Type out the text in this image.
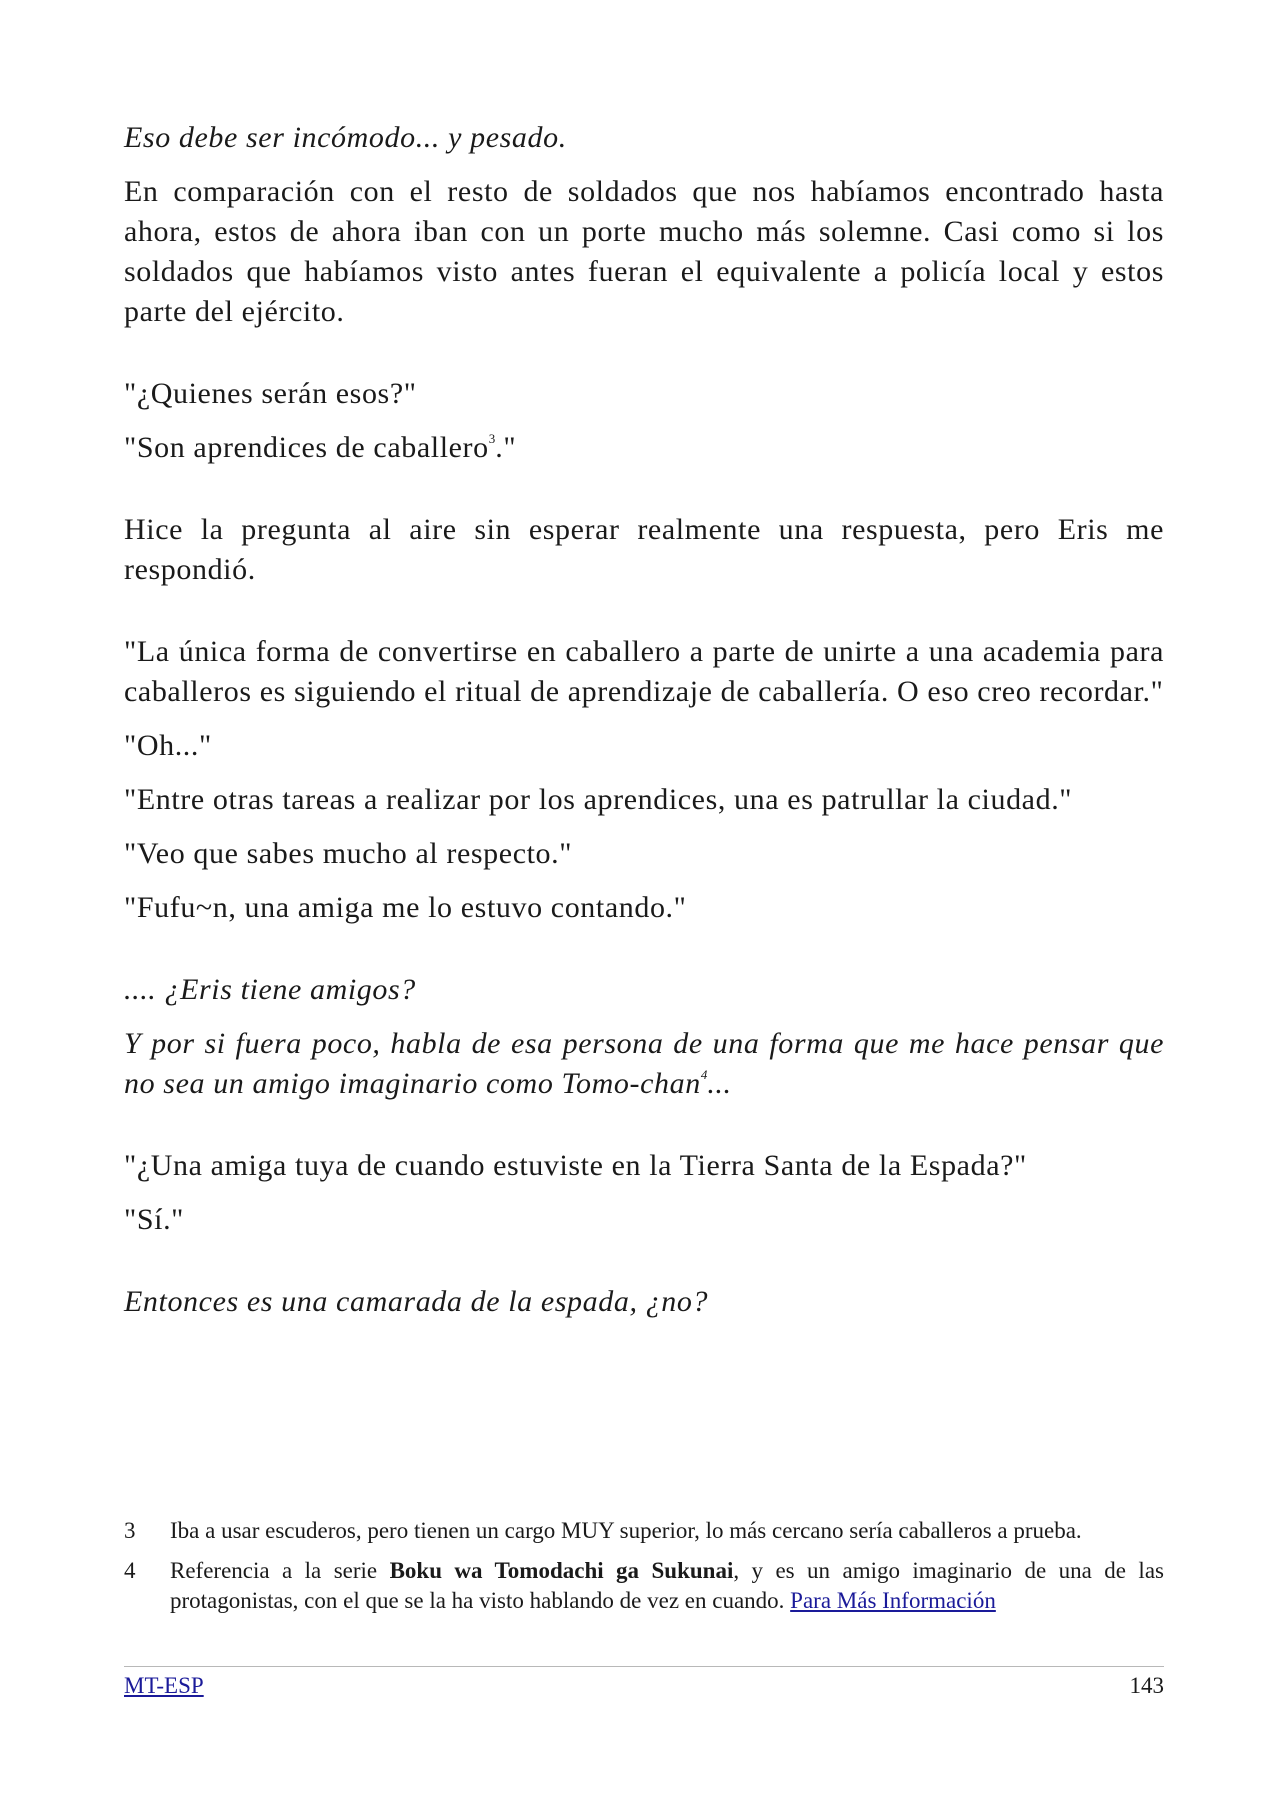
Eso debe ser incómodo... y pesado.

En comparación con el resto de soldados que nos habíamos encontrado hasta ahora, estos de ahora iban con un porte mucho más solemne. Casi como si los soldados que habíamos visto antes fueran el equivalente a policía local y estos parte del ejército.

"¿Quienes serán esos?"

"Son aprendices de caballero$^3$."

Hice la pregunta al aire sin esperar realmente una respuesta, pero Eris me respondió.

"La única forma de convertirse en caballero a parte de unirte a una academia para caballeros es siguiendo el ritual de aprendizaje de caballería. O eso creo recordar."

"Oh..."

"Entre otras tareas a realizar por los aprendices, una es patrullar la ciudad."

"Veo que sabes mucho al respecto."

"Fufu~n, una amiga me lo estuvo contando."

.... ¿Eris tiene amigos?

Y por si fuera poco, habla de esa persona de una forma que me hace pensar que no sea un amigo imaginario como Tomo-chan$^4$...

"¿Una amiga tuya de cuando estuviste en la Tierra Santa de la Espada?"

"Sí."

Entonces es una camarada de la espada, ¿no?

3	Iba a usar escuderos, pero tienen un cargo MUY superior, lo más cercano sería caballeros a prueba.
4	Referencia a la serie Boku wa Tomodachi ga Sukunai, y es un amigo imaginario de una de las protagonistas, con el que se la ha visto hablando de vez en cuando. Para Más Información
MT-ESP	143
